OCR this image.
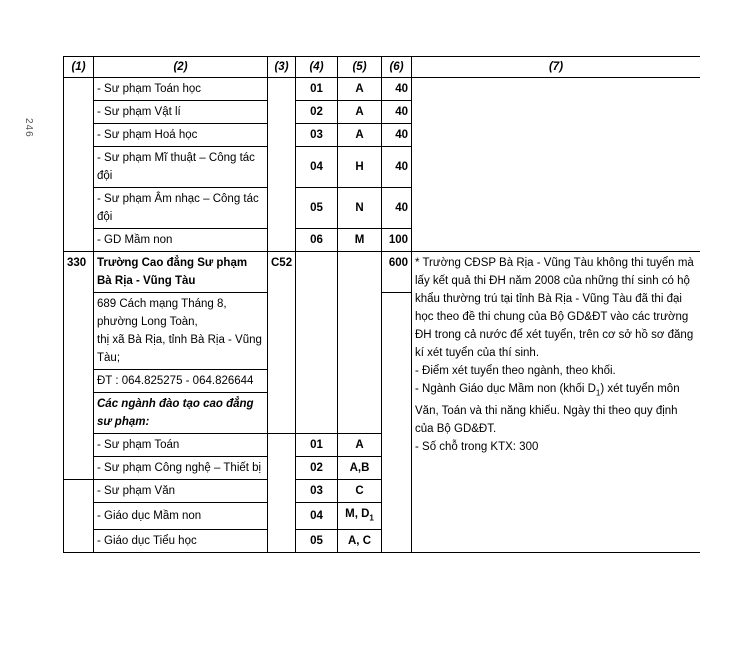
246
(1)	(2)	(3)	(4)	(5)	(6)	(7)
	- Sư phạm Toán học		01	A	40	
	- Sư phạm Vật lí		02	A	40	
	- Sư phạm Hoá học		03	A	40	
	- Sư phạm Mĩ thuật – Công tác đội		04	H	40	
	- Sư phạm Âm nhạc – Công tác đội		05	N	40	
	- GD Mầm non		06	M	100	
330	Trường Cao đẳng Sư phạm Bà Rịa - Vũng Tàu	C52			600	* Trường CĐSP Bà Rịa - Vũng Tàu không thi tuyển mà lấy kết quả thi ĐH năm 2008 của những thí sinh có hộ khẩu thường trú tại tỉnh Bà Rịa - Vũng Tàu đã thi đại học theo đề thi chung của Bộ GD&ĐT vào các trường ĐH trong cả nước để xét tuyển, trên cơ sở hồ sơ đăng kí xét tuyển của thí sinh.

- Điểm xét tuyển theo ngành, theo khối.

- Ngành Giáo dục Mầm non (khối $D_1$) xét tuyển môn Văn, Toán và thi năng khiếu. Ngày thi theo quy định của Bộ GD&ĐT.

- Số chỗ trong KTX: 300

	689 Cách mạng Tháng 8,
phường Long Toàn,
thị xã Bà Rịa, tỉnh Bà Rịa - Vũng Tàu;					

	ĐT : 064.825275 - 064.826644					
	Các ngành đào tạo cao đẳng sư phạm:					
	- Sư phạm Toán		01	A		
	- Sư phạm Công nghệ – Thiết bị		02	A,B		
	- Sư phạm Văn		03	C		
	- Giáo dục Mầm non		04	M, $D_1$
	- Giáo dục Tiểu học		05	A, C		
